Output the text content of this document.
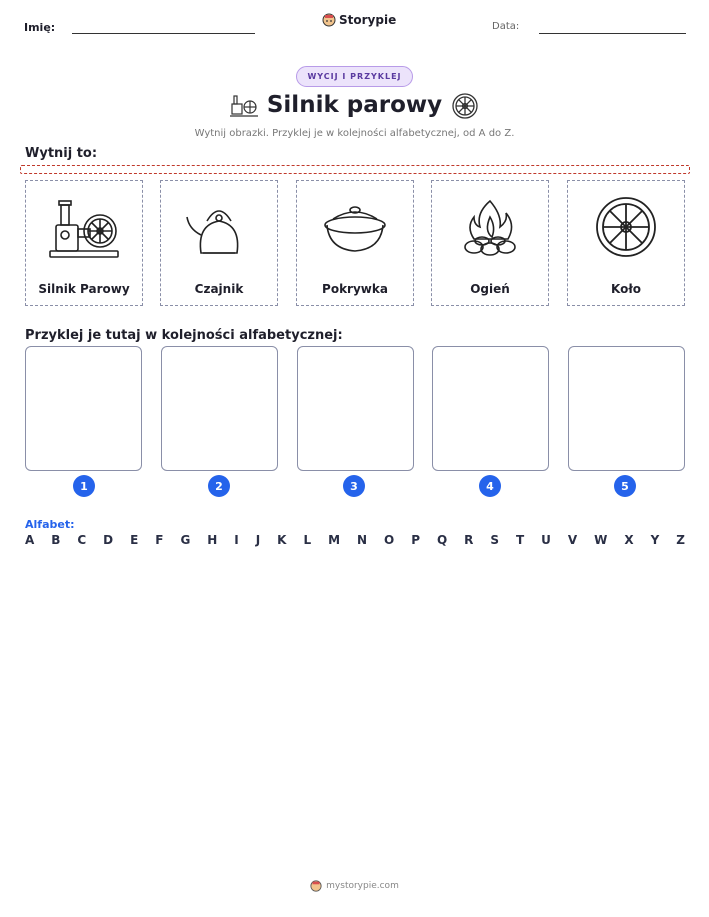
Imię:
Storypie	Data:
WYCIJ I PRZYKLEJ
Silnik parowy
Wytnij obrazki. Przyklej je w kolejności alfabetycznej, od A do Z.
Wytnij to:
Silnik Parowy	Czajnik	Pokrywka	Ogień	Koło
Przyklej je tutaj w kolejności alfabetycznej:
1	2	3	4	5
Alfabet:
A B C D E F G H I J K L M N O P Q R S T U V W X Y Z
mystorypie.com
